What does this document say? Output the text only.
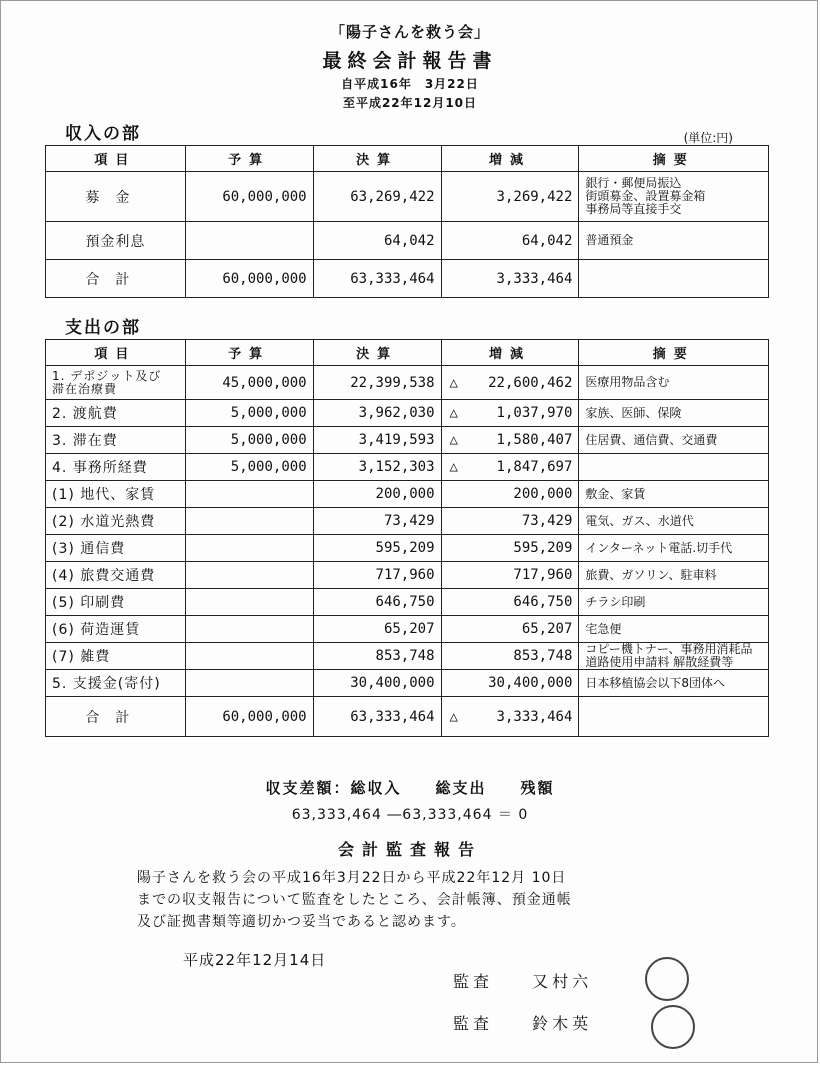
「陽子さんを救う会」
最終会計報告書
自平成16年　3月22日
至平成22年12月10日
収入の部	(単位:円)
項目	予算	決算	増減	摘要
募金	60,000,000	63,269,422	3,269,422	銀行・郵便局振込
街頭募金、設置募金箱
事務局等直接手交
預金利息		64,042	64,042	普通預金
合計	60,000,000	63,333,464	3,333,464	
支出の部
項目	予算	決算	増減	摘要
1. デポジット及び
滞在治療費	45,000,000	22,399,538	△ 22,600,462	医療用物品含む
2. 渡航費	5,000,000	3,962,030	△ 1,037,970	家族、医師、保険
3. 滞在費	5,000,000	3,419,593	△ 1,580,407	住居費、通信費、交通費
4. 事務所経費	5,000,000	3,152,303	△ 1,847,697	
(1) 地代、家賃		200,000	200,000	敷金、家賃
(2) 水道光熱費		73,429	73,429	電気、ガス、水道代
(3) 通信費		595,209	595,209	インターネット電話.切手代
(4) 旅費交通費		717,960	717,960	旅費、ガソリン、駐車料
(5) 印刷費		646,750	646,750	チラシ印刷
(6) 荷造運賃		65,207	65,207	宅急便
(7) 雑費		853,748	853,748	コピー機トナー、事務用消耗品
道路使用申請料 解散経費等
5. 支援金(寄付)		30,400,000	30,400,000	日本移植協会以下8団体へ
合計	60,000,000	63,333,464	△ 3,333,464	
収支差額：総収入　　総支出　　残額
63,333,464 ―63,333,464 ＝ 0
会計監査報告
陽子さんを救う会の平成16年3月22日から平成22年12月 10日
までの収支報告について監査をしたところ、会計帳簿、預金通帳
及び証拠書類等適切かつ妥当であると認めます。
平成22年12月14日
監査 又村六
監査 鈴木英
